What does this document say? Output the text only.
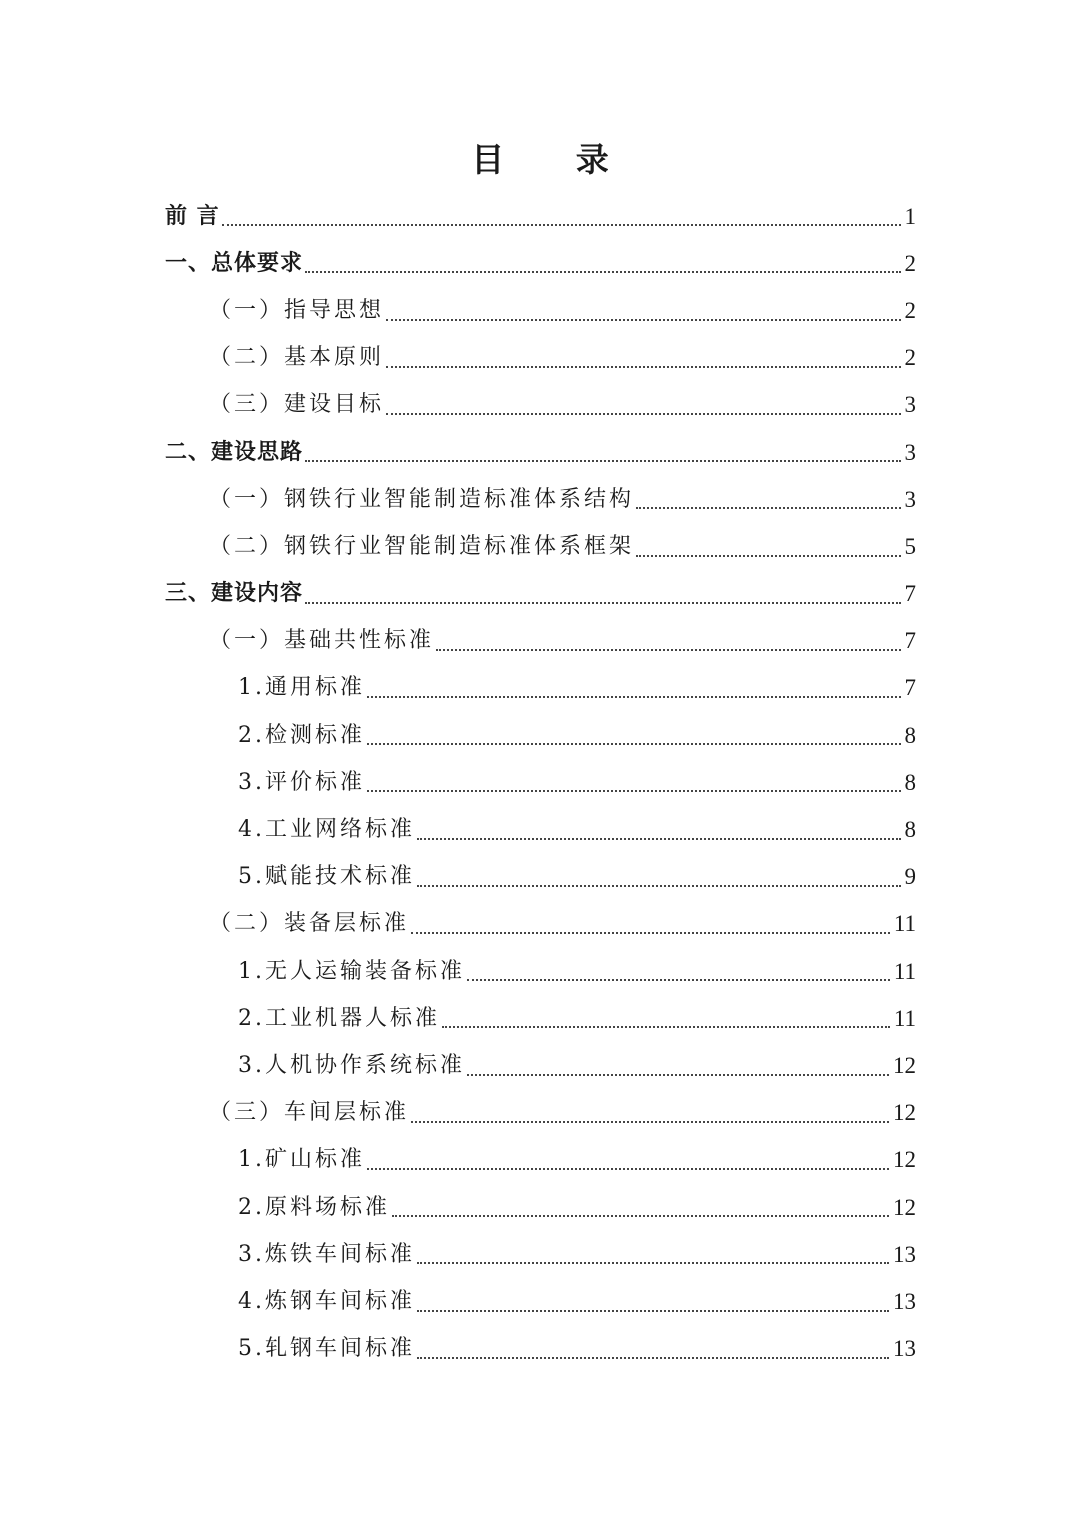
目 录
前 言	1
一、总体要求	2
（一）指导思想	2
（二）基本原则	2
（三）建设目标	3
二、建设思路	3
（一）钢铁行业智能制造标准体系结构	3
（二）钢铁行业智能制造标准体系框架	5
三、建设内容	7
（一）基础共性标准	7
1.通用标准	7
2.检测标准	8
3.评价标准	8
4.工业网络标准	8
5.赋能技术标准	9
（二）装备层标准	11
1.无人运输装备标准	11
2.工业机器人标准	11
3.人机协作系统标准	12
（三）车间层标准	12
1.矿山标准	12
2.原料场标准	12
3.炼铁车间标准	13
4.炼钢车间标准	13
5.轧钢车间标准	13
